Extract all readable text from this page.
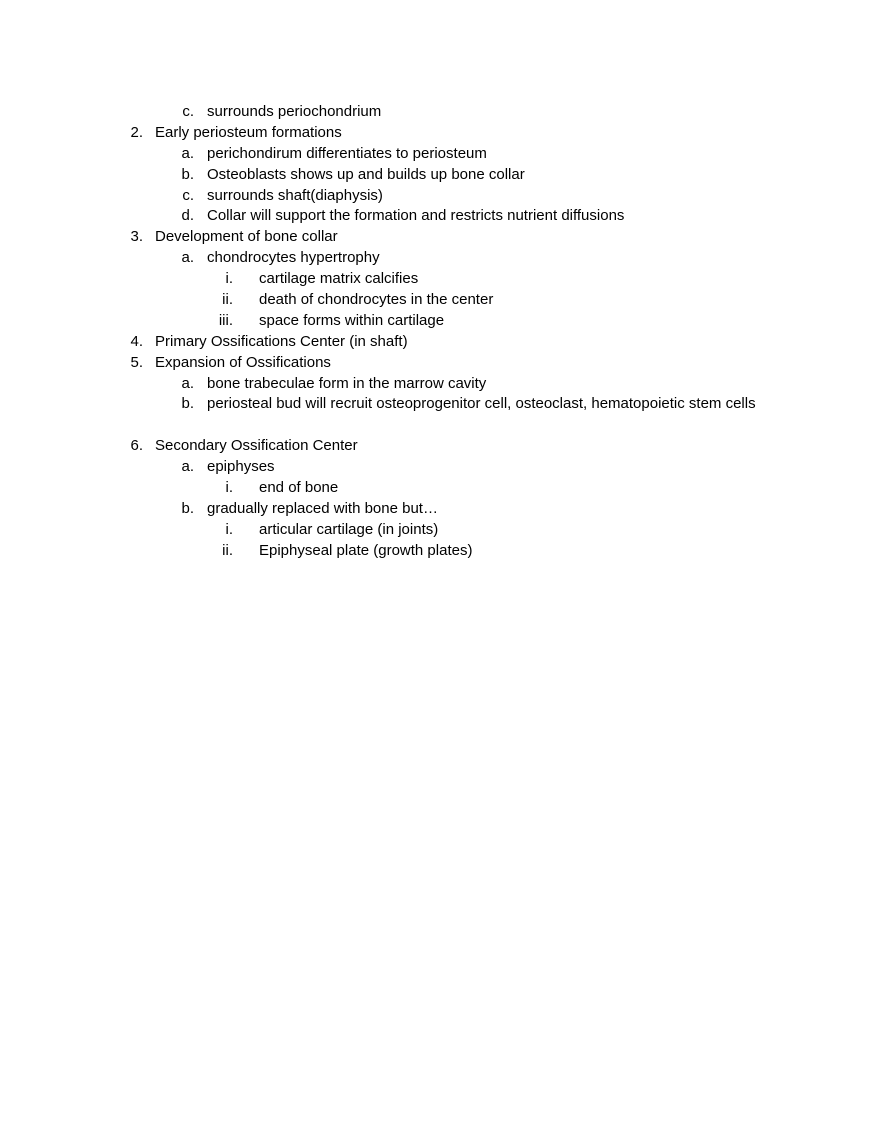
c. surrounds periochondrium
2. Early periosteum formations
a. perichondirum differentiates to periosteum
b. Osteoblasts shows up and builds up bone collar
c. surrounds shaft(diaphysis)
d. Collar will support the formation and restricts nutrient diffusions
3. Development of bone collar
a. chondrocytes hypertrophy
i. cartilage matrix calcifies
ii. death of chondrocytes in the center
iii. space forms within cartilage
4. Primary Ossifications Center (in shaft)
5. Expansion of Ossifications
a. bone trabeculae form in the marrow cavity
b. periosteal bud will recruit osteoprogenitor cell, osteoclast, hematopoietic stem cells
6. Secondary Ossification Center
a. epiphyses
i. end of bone
b. gradually replaced with bone but…
i. articular cartilage (in joints)
ii. Epiphyseal plate (growth plates)
